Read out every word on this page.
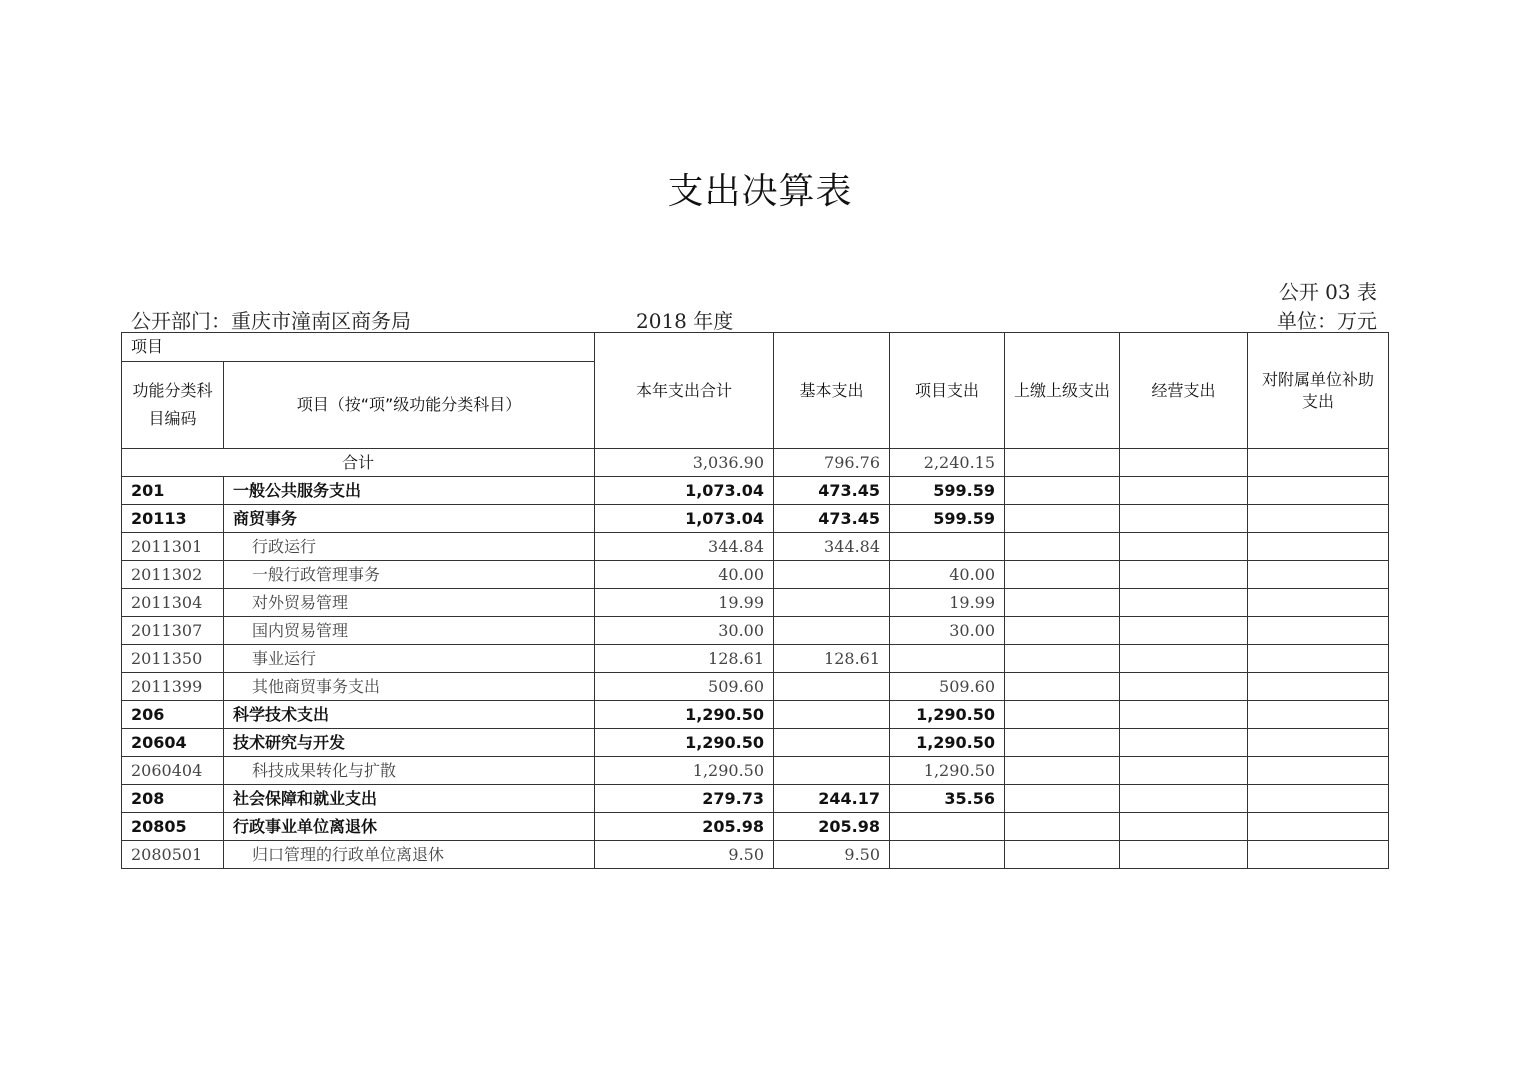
支出决算表
公开 03 表
公开部门：重庆市潼南区商务局	2018 年度	单位：万元
项目		本年支出合计	基本支出	项目支出	上缴上级支出	经营支出	对附属单位补助支出
功能分类科目编码	项目（按“项”级功能分类科目）						
合计		3,036.90	796.76	2,240.15			
201	一般公共服务支出	1,073.04	473.45	599.59			
20113	商贸事务	1,073.04	473.45	599.59			
2011301	行政运行	344.84	344.84				
2011302	一般行政管理事务	40.00		40.00			
2011304	对外贸易管理	19.99		19.99			
2011307	国内贸易管理	30.00		30.00			
2011350	事业运行	128.61	128.61				
2011399	其他商贸事务支出	509.60		509.60			
206	科学技术支出	1,290.50		1,290.50			
20604	技术研究与开发	1,290.50		1,290.50			
2060404	科技成果转化与扩散	1,290.50		1,290.50			
208	社会保障和就业支出	279.73	244.17	35.56			
20805	行政事业单位离退休	205.98	205.98				
2080501	归口管理的行政单位离退休	9.50	9.50				
